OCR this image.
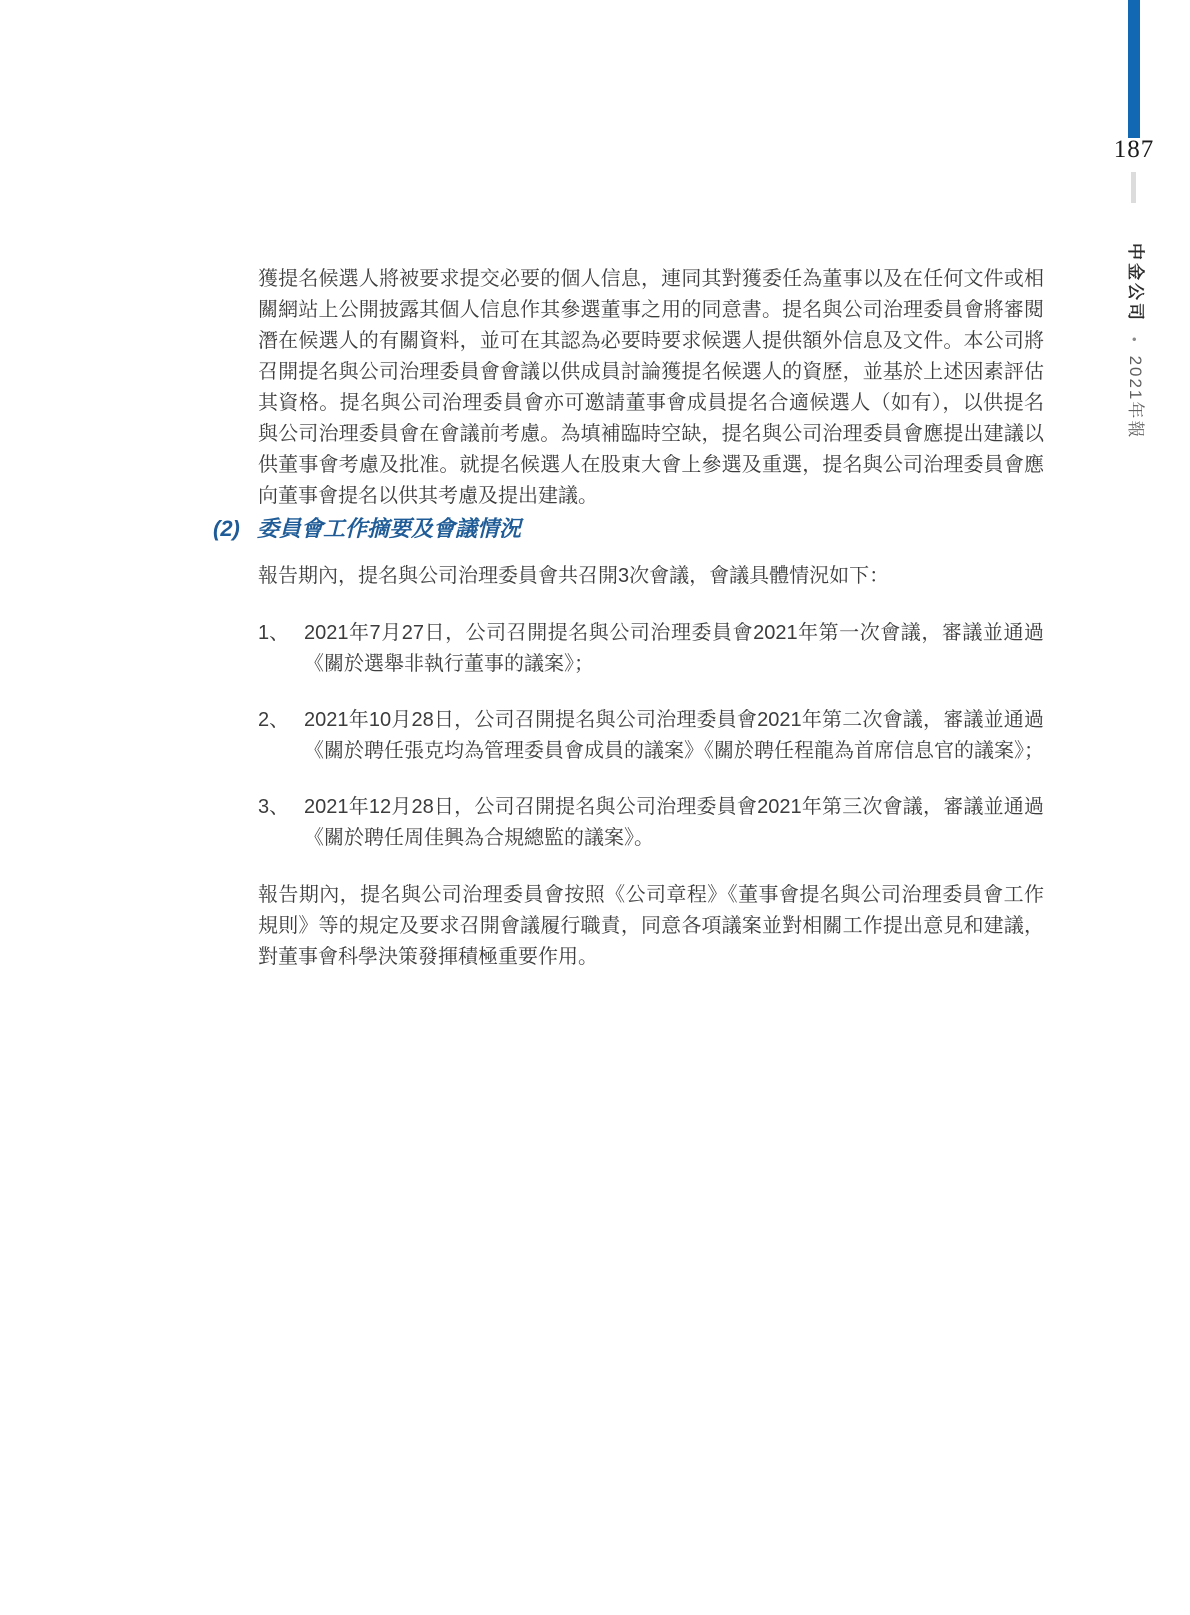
187
中金公司•2021年報
獲提名候選人將被要求提交必要的個人信息，連同其對獲委任為董事以及在任何文件或相關網站上公開披露其個人信息作其參選董事之用的同意書。提名與公司治理委員會將審閱潛在候選人的有關資料，並可在其認為必要時要求候選人提供額外信息及文件。本公司將召開提名與公司治理委員會會議以供成員討論獲提名候選人的資歷，並基於上述因素評估其資格。提名與公司治理委員會亦可邀請董事會成員提名合適候選人（如有），以供提名與公司治理委員會在會議前考慮。為填補臨時空缺，提名與公司治理委員會應提出建議以供董事會考慮及批准。就提名候選人在股東大會上參選及重選，提名與公司治理委員會應向董事會提名以供其考慮及提出建議。
(2) 委員會工作摘要及會議情況
報告期內，提名與公司治理委員會共召開3次會議，會議具體情況如下：
1、 2021年7月27日，公司召開提名與公司治理委員會2021年第一次會議，審議並通過《關於選舉非執行董事的議案》；
2、 2021年10月28日，公司召開提名與公司治理委員會2021年第二次會議，審議並通過《關於聘任張克均為管理委員會成員的議案》《關於聘任程龍為首席信息官的議案》；
3、 2021年12月28日，公司召開提名與公司治理委員會2021年第三次會議，審議並通過《關於聘任周佳興為合規總監的議案》。
報告期內，提名與公司治理委員會按照《公司章程》《董事會提名與公司治理委員會工作規則》等的規定及要求召開會議履行職責，同意各項議案並對相關工作提出意見和建議，對董事會科學決策發揮積極重要作用。
